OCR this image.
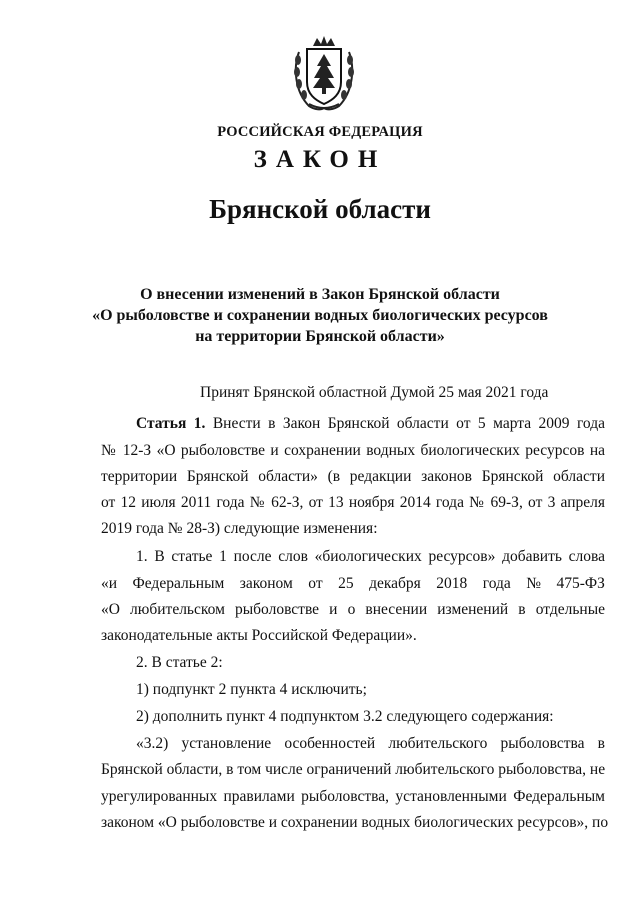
РОССИЙСКАЯ ФЕДЕРАЦИЯ
ЗАКОН
Брянской области
О внесении изменений в Закон Брянской области
«О рыболовстве и сохранении водных биологических ресурсов
на территории Брянской области»
Принят Брянской областной Думой 25 мая 2021 года
Статья 1. Внести в Закон Брянской области от 5 марта 2009 года
№ 12-З «О рыболовстве и сохранении водных биологических ресурсов на
территории Брянской области» (в редакции законов Брянской области
от 12 июля 2011 года № 62-З, от 13 ноября 2014 года № 69-З, от 3 апреля
2019 года № 28-З) следующие изменения:
1. В статье 1 после слов «биологических ресурсов» добавить слова
«и Федеральным законом от 25 декабря 2018 года № 475-ФЗ
«О любительском рыболовстве и о внесении изменений в отдельные
законодательные акты Российской Федерации».
2. В статье 2:
1) подпункт 2 пункта 4 исключить;
2) дополнить пункт 4 подпунктом 3.2 следующего содержания:
«3.2) установление особенностей любительского рыболовства в
Брянской области, в том числе ограничений любительского рыболовства, не
урегулированных правилами рыболовства, установленными Федеральным
законом «О рыболовстве и сохранении водных биологических ресурсов», по
